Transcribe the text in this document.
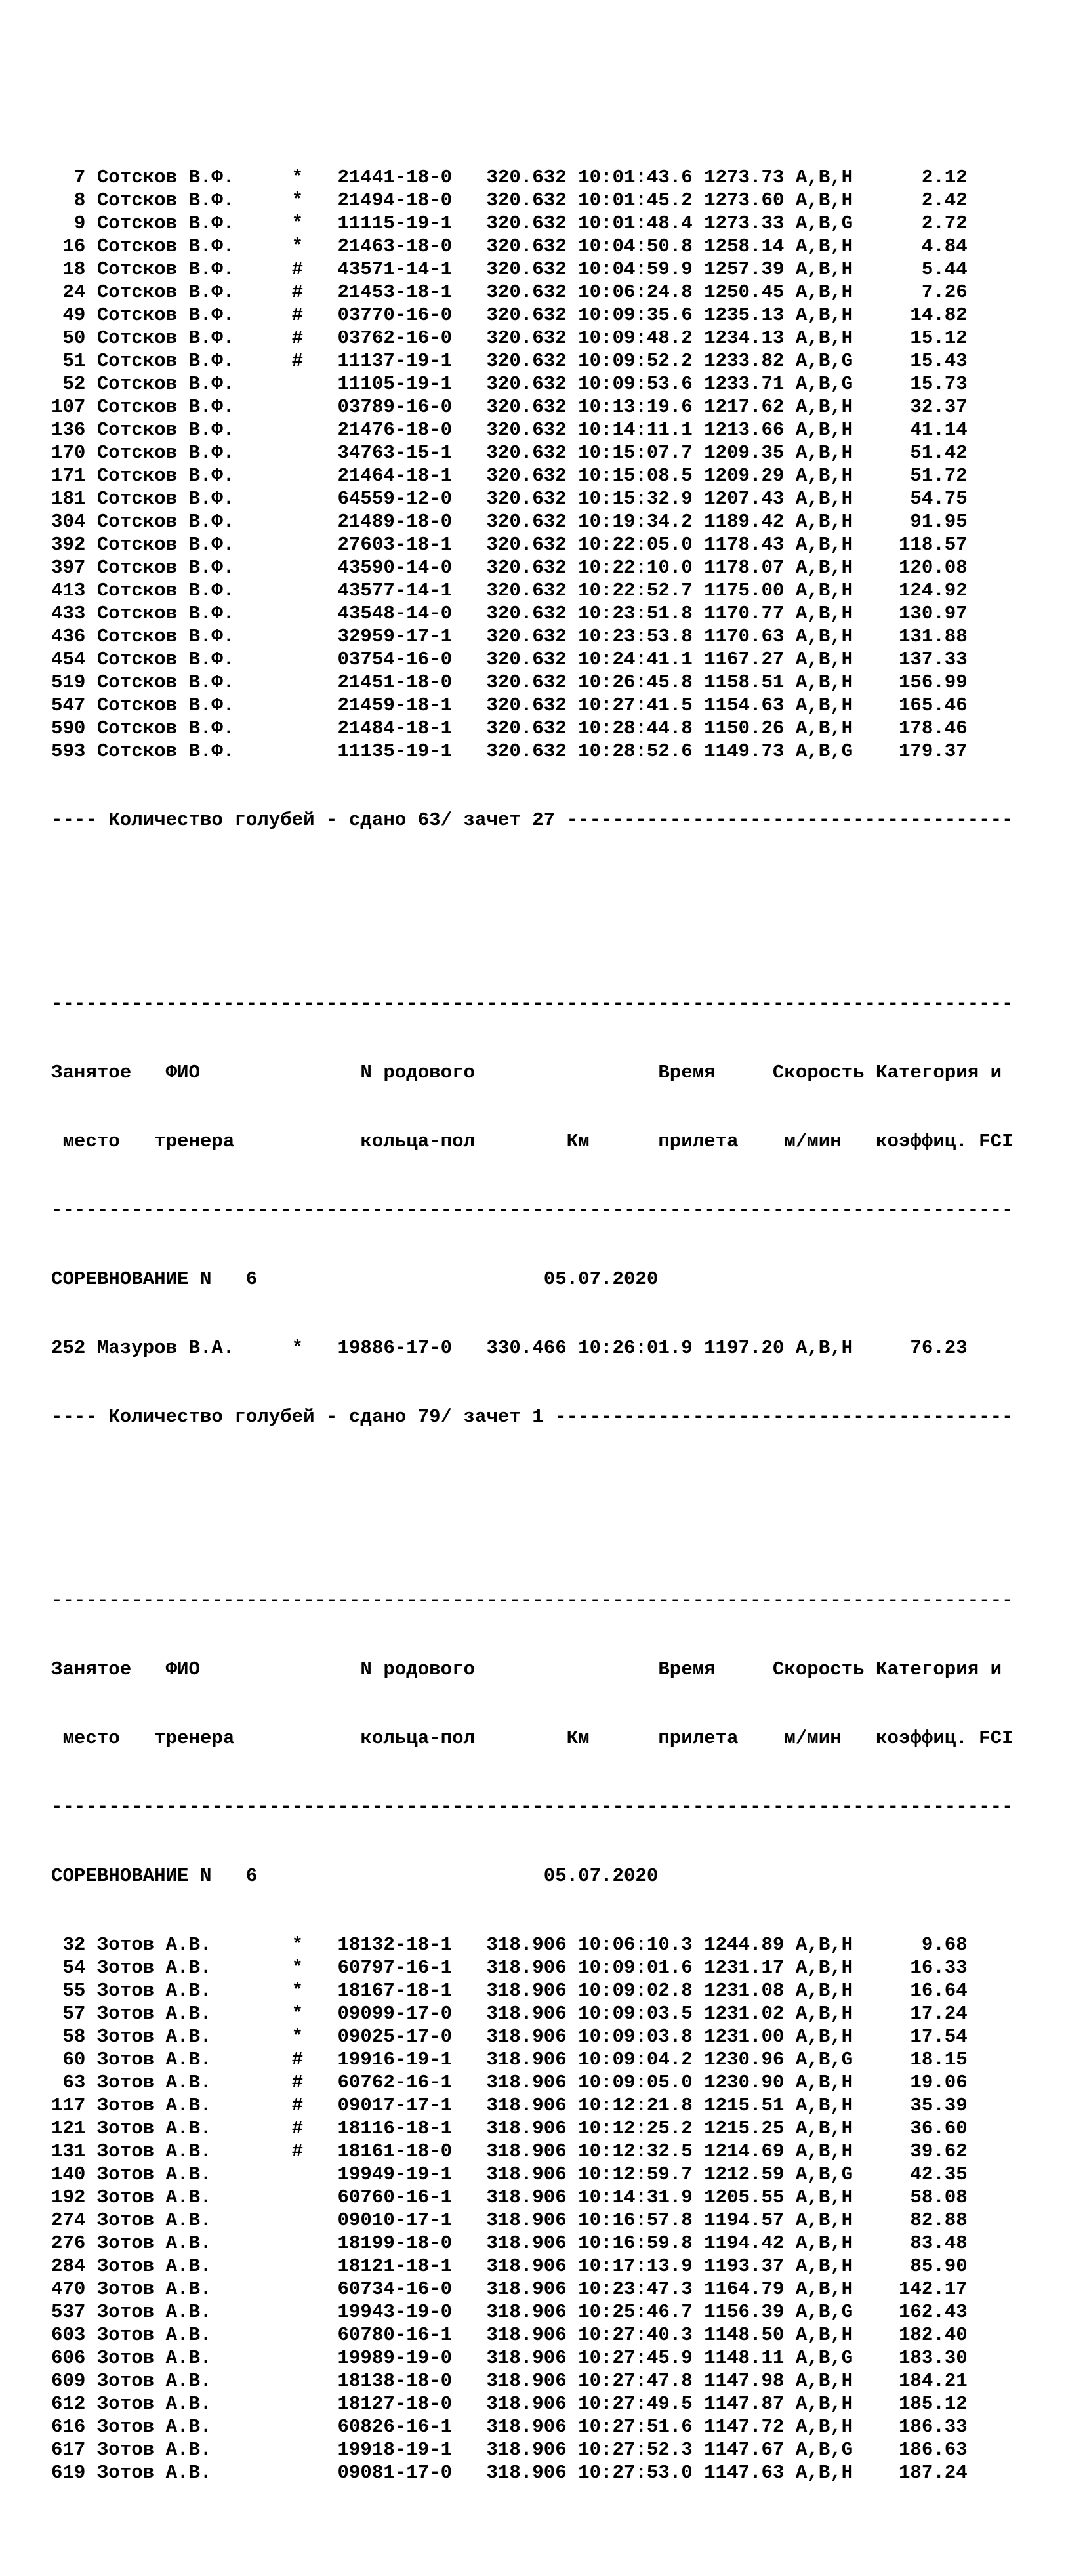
7 Сотсков В.Ф.     *   21441-18-0   320.632 10:01:43.6 1273.73 A,B,H      2.12
8 Сотсков В.Ф.     *   21494-18-0   320.632 10:01:45.2 1273.60 A,B,H      2.42
9 Сотсков В.Ф.     *   11115-19-1   320.632 10:01:48.4 1273.33 A,B,G      2.72
16 Сотсков В.Ф.     *   21463-18-0   320.632 10:04:50.8 1258.14 A,B,H      4.84
18 Сотсков В.Ф.     #   43571-14-1   320.632 10:04:59.9 1257.39 A,B,H      5.44
24 Сотсков В.Ф.     #   21453-18-1   320.632 10:06:24.8 1250.45 A,B,H      7.26
49 Сотсков В.Ф.     #   03770-16-0   320.632 10:09:35.6 1235.13 A,B,H     14.82
50 Сотсков В.Ф.     #   03762-16-0   320.632 10:09:48.2 1234.13 A,B,H     15.12
51 Сотсков В.Ф.     #   11137-19-1   320.632 10:09:52.2 1233.82 A,B,G     15.43
52 Сотсков В.Ф.         11105-19-1   320.632 10:09:53.6 1233.71 A,B,G     15.73
107 Сотсков В.Ф.         03789-16-0   320.632 10:13:19.6 1217.62 A,B,H     32.37
136 Сотсков В.Ф.         21476-18-0   320.632 10:14:11.1 1213.66 A,B,H     41.14
170 Сотсков В.Ф.         34763-15-1   320.632 10:15:07.7 1209.35 A,B,H     51.42
171 Сотсков В.Ф.         21464-18-1   320.632 10:15:08.5 1209.29 A,B,H     51.72
181 Сотсков В.Ф.         64559-12-0   320.632 10:15:32.9 1207.43 A,B,H     54.75
304 Сотсков В.Ф.         21489-18-0   320.632 10:19:34.2 1189.42 A,B,H     91.95
392 Сотсков В.Ф.         27603-18-1   320.632 10:22:05.0 1178.43 A,B,H    118.57
397 Сотсков В.Ф.         43590-14-0   320.632 10:22:10.0 1178.07 A,B,H    120.08
413 Сотсков В.Ф.         43577-14-1   320.632 10:22:52.7 1175.00 A,B,H    124.92
433 Сотсков В.Ф.         43548-14-0   320.632 10:23:51.8 1170.77 A,B,H    130.97
436 Сотсков В.Ф.         32959-17-1   320.632 10:23:53.8 1170.63 A,B,H    131.88
454 Сотсков В.Ф.         03754-16-0   320.632 10:24:41.1 1167.27 A,B,H    137.33
519 Сотсков В.Ф.         21451-18-0   320.632 10:26:45.8 1158.51 A,B,H    156.99
547 Сотсков В.Ф.         21459-18-1   320.632 10:27:41.5 1154.63 A,B,H    165.46
590 Сотсков В.Ф.         21484-18-1   320.632 10:28:44.8 1150.26 A,B,H    178.46
593 Сотсков В.Ф.         11135-19-1   320.632 10:28:52.6 1149.73 A,B,G    179.37

---- Количество голубей - сдано 63/ зачет 27 ---------------------------------------

------------------------------------------------------------------------------------

Занятое   ФИО              N родового                Время     Скорость Категория и

место   тренера           кольца-пол        Км      прилета    м/мин   коэффиц. FCI

------------------------------------------------------------------------------------

СОРЕВНОВАНИЕ N   6                         05.07.2020

252 Мазуров В.А.     *   19886-17-0   330.466 10:26:01.9 1197.20 A,B,H     76.23

---- Количество голубей - сдано 79/ зачет 1 ----------------------------------------

------------------------------------------------------------------------------------

Занятое   ФИО              N родового                Время     Скорость Категория и

место   тренера           кольца-пол        Км      прилета    м/мин   коэффиц. FCI

------------------------------------------------------------------------------------

СОРЕВНОВАНИЕ N   6                         05.07.2020

32 Зотов А.В.       *   18132-18-1   318.906 10:06:10.3 1244.89 A,B,H      9.68
54 Зотов А.В.       *   60797-16-1   318.906 10:09:01.6 1231.17 A,B,H     16.33
55 Зотов А.В.       *   18167-18-1   318.906 10:09:02.8 1231.08 A,B,H     16.64
57 Зотов А.В.       *   09099-17-0   318.906 10:09:03.5 1231.02 A,B,H     17.24
58 Зотов А.В.       *   09025-17-0   318.906 10:09:03.8 1231.00 A,B,H     17.54
60 Зотов А.В.       #   19916-19-1   318.906 10:09:04.2 1230.96 A,B,G     18.15
63 Зотов А.В.       #   60762-16-1   318.906 10:09:05.0 1230.90 A,B,H     19.06
117 Зотов А.В.       #   09017-17-1   318.906 10:12:21.8 1215.51 A,B,H     35.39
121 Зотов А.В.       #   18116-18-1   318.906 10:12:25.2 1215.25 A,B,H     36.60
131 Зотов А.В.       #   18161-18-0   318.906 10:12:32.5 1214.69 A,B,H     39.62
140 Зотов А.В.           19949-19-1   318.906 10:12:59.7 1212.59 A,B,G     42.35
192 Зотов А.В.           60760-16-1   318.906 10:14:31.9 1205.55 A,B,H     58.08
274 Зотов А.В.           09010-17-1   318.906 10:16:57.8 1194.57 A,B,H     82.88
276 Зотов А.В.           18199-18-0   318.906 10:16:59.8 1194.42 A,B,H     83.48
284 Зотов А.В.           18121-18-1   318.906 10:17:13.9 1193.37 A,B,H     85.90
470 Зотов А.В.           60734-16-0   318.906 10:23:47.3 1164.79 A,B,H    142.17
537 Зотов А.В.           19943-19-0   318.906 10:25:46.7 1156.39 A,B,G    162.43
603 Зотов А.В.           60780-16-1   318.906 10:27:40.3 1148.50 A,B,H    182.40
606 Зотов А.В.           19989-19-0   318.906 10:27:45.9 1148.11 A,B,G    183.30
609 Зотов А.В.           18138-18-0   318.906 10:27:47.8 1147.98 A,B,H    184.21
612 Зотов А.В.           18127-18-0   318.906 10:27:49.5 1147.87 A,B,H    185.12
616 Зотов А.В.           60826-16-1   318.906 10:27:51.6 1147.72 A,B,H    186.33
617 Зотов А.В.           19918-19-1   318.906 10:27:52.3 1147.67 A,B,G    186.63
619 Зотов А.В.           09081-17-0   318.906 10:27:53.0 1147.63 A,B,H    187.24
